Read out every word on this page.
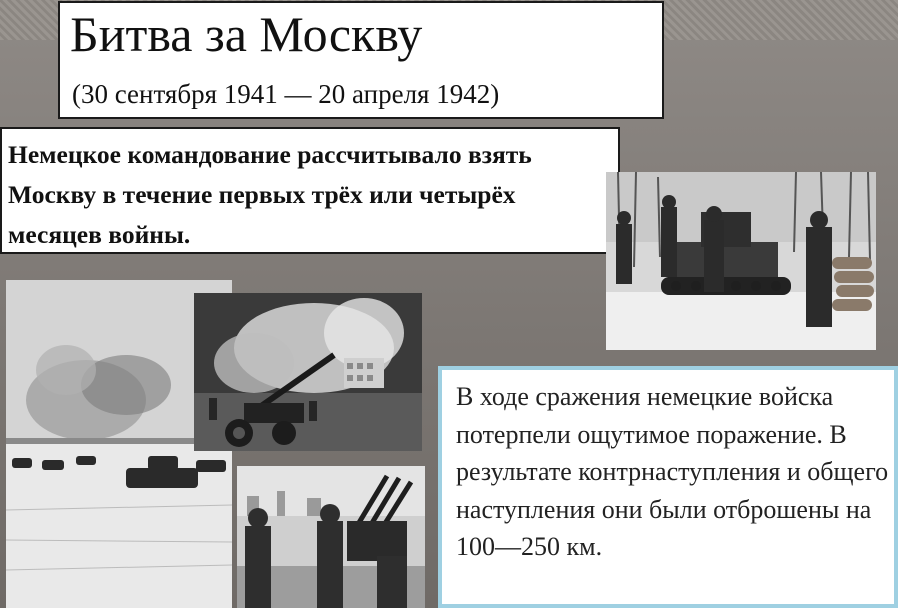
Битва за Москву
(30 сентября 1941 — 20 апреля 1942)

Немецкое командование рассчитывало взять Москву в течение первых трёх или четырёх месяцев войны.

В ходе сражения немецкие войска потерпели ощутимое поражение. В результате контрнаступления и общего наступления они были отброшены на 100—250 км.
